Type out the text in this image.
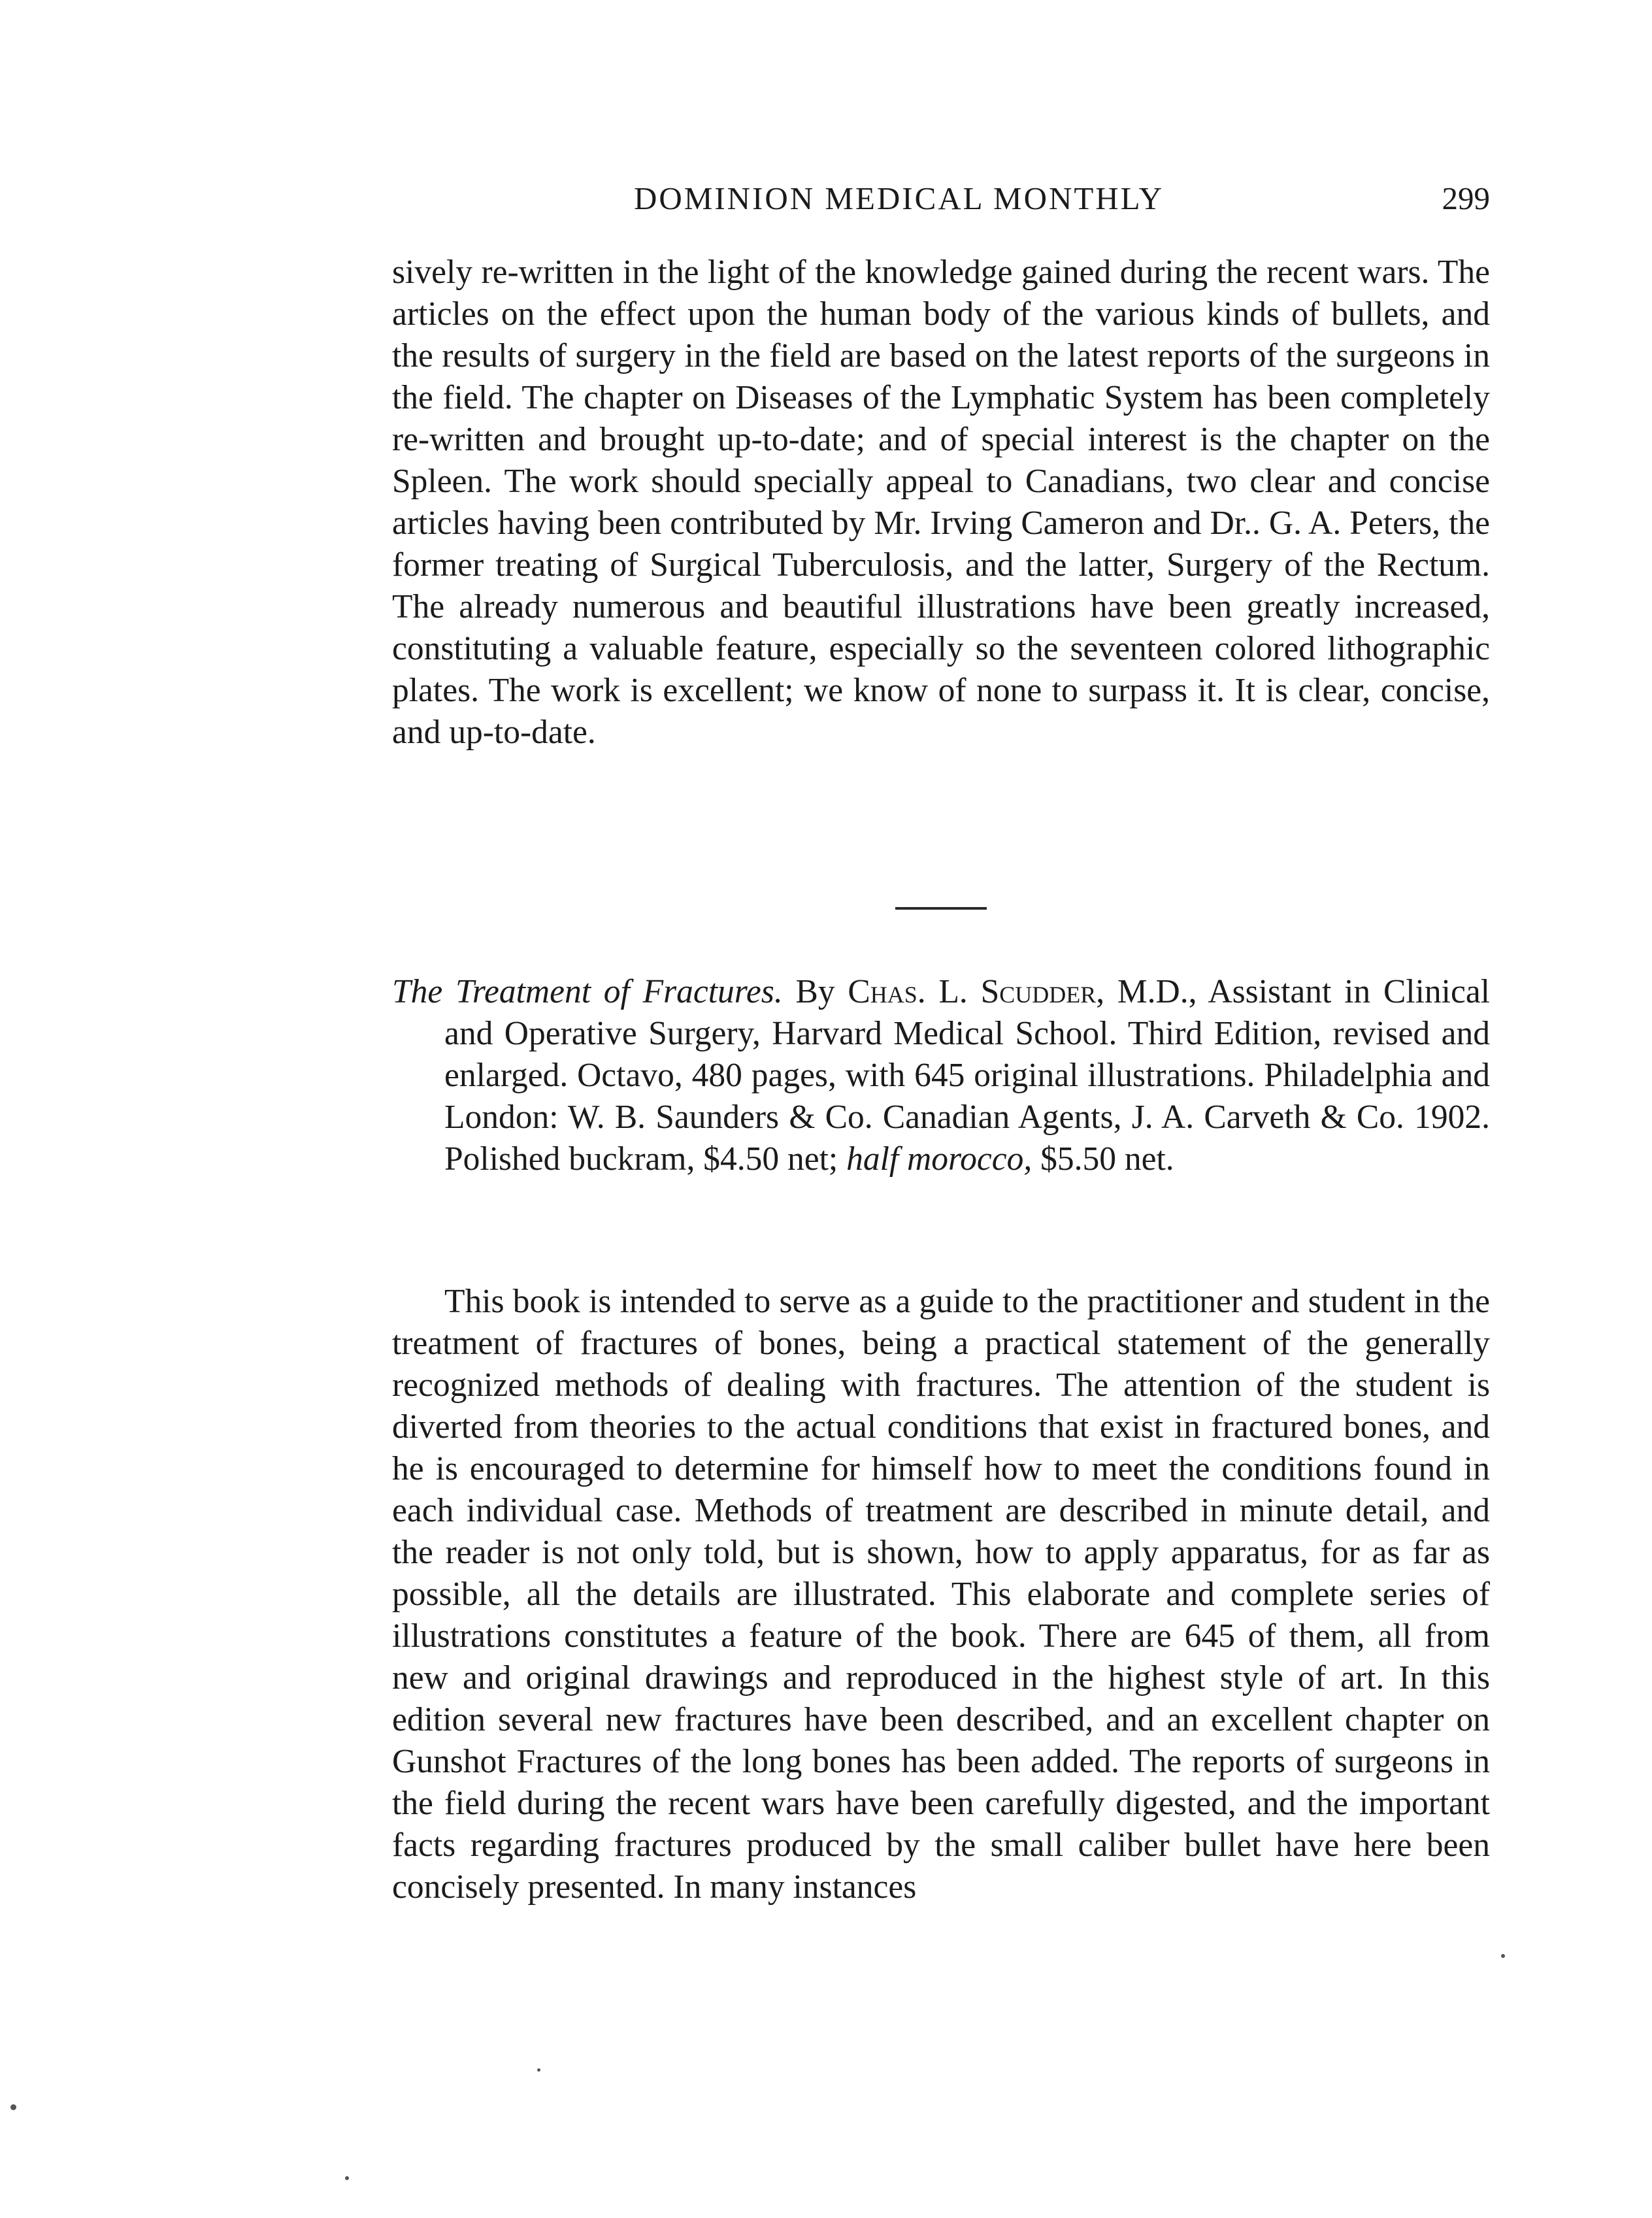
DOMINION MEDICAL MONTHLY	299

sively re-written in the light of the knowledge gained during the recent wars. The articles on the effect upon the human body of the various kinds of bullets, and the results of surgery in the field are based on the latest reports of the surgeons in the field. The chapter on Diseases of the Lymphatic System has been completely re-written and brought up-to-date; and of special interest is the chapter on the Spleen. The work should specially appeal to Canadians, two clear and concise articles having been contributed by Mr. Irving Cameron and Dr.. G. A. Peters, the former treating of Surgical Tuberculosis, and the latter, Surgery of the Rectum. The already numerous and beautiful illustrations have been greatly increased, constituting a valuable feature, especially so the seventeen colored lithographic plates. The work is excellent; we know of none to surpass it. It is clear, concise, and up-to-date.

The Treatment of Fractures. By Chas. L. Scudder, M.D., Assistant in Clinical and Operative Surgery, Harvard Medical School. Third Edition, revised and enlarged. Octavo, 480 pages, with 645 original illustrations. Philadelphia and London: W. B. Saunders & Co. Canadian Agents, J. A. Carveth & Co. 1902. Polished buckram, $4.50 net; half morocco, $5.50 net.

This book is intended to serve as a guide to the practitioner and student in the treatment of fractures of bones, being a practical statement of the generally recognized methods of dealing with fractures. The attention of the student is diverted from theories to the actual conditions that exist in fractured bones, and he is encouraged to determine for himself how to meet the conditions found in each individual case. Methods of treatment are described in minute detail, and the reader is not only told, but is shown, how to apply apparatus, for as far as possible, all the details are illustrated. This elaborate and complete series of illustrations constitutes a feature of the book. There are 645 of them, all from new and original drawings and reproduced in the highest style of art. In this edition several new fractures have been described, and an excellent chapter on Gunshot Fractures of the long bones has been added. The reports of surgeons in the field during the recent wars have been carefully digested, and the important facts regarding fractures produced by the small caliber bullet have here been concisely presented. In many instances
